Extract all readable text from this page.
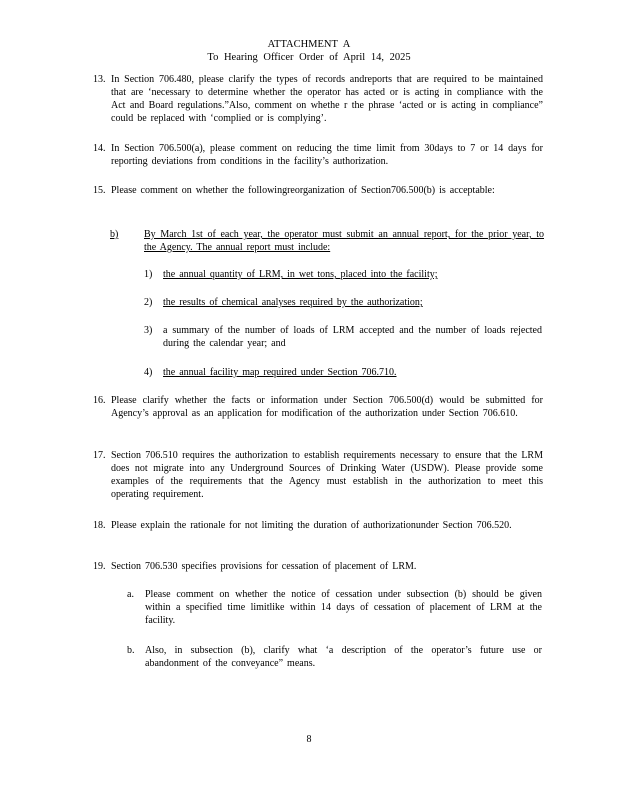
ATTACHMENT A
To Hearing Officer Order of April 14, 2025
13. In Section 706.480, please clarify the types of records andreports that are required to be maintained that are ‘necessary to determine whether the operator has acted or is acting in compliance with the Act and Board regulations.”Also, comment on whethe r the phrase ‘acted or is acting in compliance” could be replaced with ‘complied or is complying’.
14. In Section 706.500(a), please comment on reducing the time limit from 30days to 7 or 14 days for reporting deviations from conditions in the facility’s authorization.
15. Please comment on whether the followingreorganization of Section706.500(b) is acceptable:
b)	By March 1st of each year, the operator must submit an annual report, for the prior year, to the Agency. The annual report must include:
1) the annual quantity of LRM, in wet tons, placed into the facility;
2) the results of chemical analyses required by the authorization;
3) a summary of the number of loads of LRM accepted and the number of loads rejected during the calendar year; and
4) the annual facility map required under Section 706.710.
16. Please clarify whether the facts or information under Section 706.500(d) would be submitted for Agency’s approval as an application for modification of the authorization under Section 706.610.
17. Section 706.510 requires the authorization to establish requirements necessary to ensure that the LRM does not migrate into any Underground Sources of Drinking Water (USDW). Please provide some examples of the requirements that the Agency must establish in the authorization to meet this operating requirement.
18. Please explain the rationale for not limiting the duration of authorizationunder Section 706.520.
19. Section 706.530 specifies provisions for cessation of placement of LRM.
a. Please comment on whether the notice of cessation under subsection (b) should be given within a specified time limitlike within 14 days of cessation of placement of LRM at the facility.
b. Also, in subsection (b), clarify what ‘a description of the operator’s future use or abandonment of the conveyance” means.
8
